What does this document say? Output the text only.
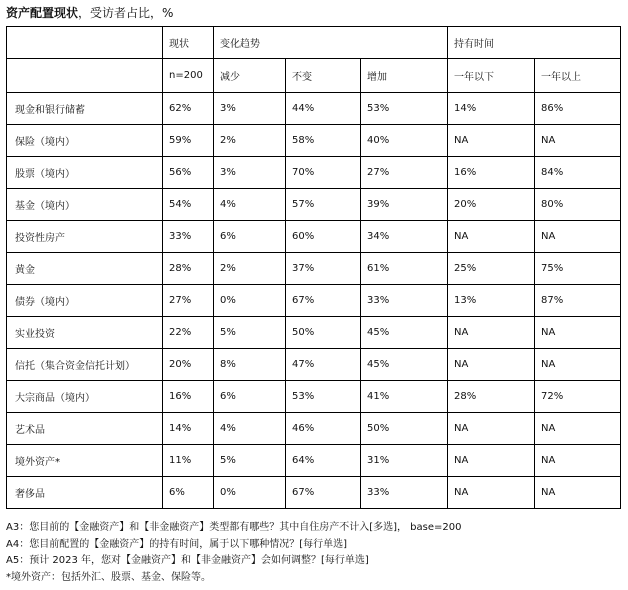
资产配置现状，受访者占比，%
	现状	变化趋势			持有时间	
	n=200	减少	不变	增加	一年以下	一年以上
现金和银行储蓄	62%	3%	44%	53%	14%	86%
保险（境内）	59%	2%	58%	40%	NA	NA
股票（境内）	56%	3%	70%	27%	16%	84%
基金（境内）	54%	4%	57%	39%	20%	80%
投资性房产	33%	6%	60%	34%	NA	NA
黄金	28%	2%	37%	61%	25%	75%
债券（境内）	27%	0%	67%	33%	13%	87%
实业投资	22%	5%	50%	45%	NA	NA
信托（集合资金信托计划）	20%	8%	47%	45%	NA	NA
大宗商品（境内）	16%	6%	53%	41%	28%	72%
艺术品	14%	4%	46%	50%	NA	NA
境外资产*	11%	5%	64%	31%	NA	NA
奢侈品	6%	0%	67%	33%	NA	NA
A3：您目前的【金融资产】和【非金融资产】类型都有哪些？其中自住房产不计入[多选]， base=200
A4：您目前配置的【金融资产】的持有时间，属于以下哪种情况？[每行单选]
A5：预计 2023 年，您对【金融资产】和【非金融资产】会如何调整？[每行单选]
*境外资产：包括外汇、股票、基金、保险等。
